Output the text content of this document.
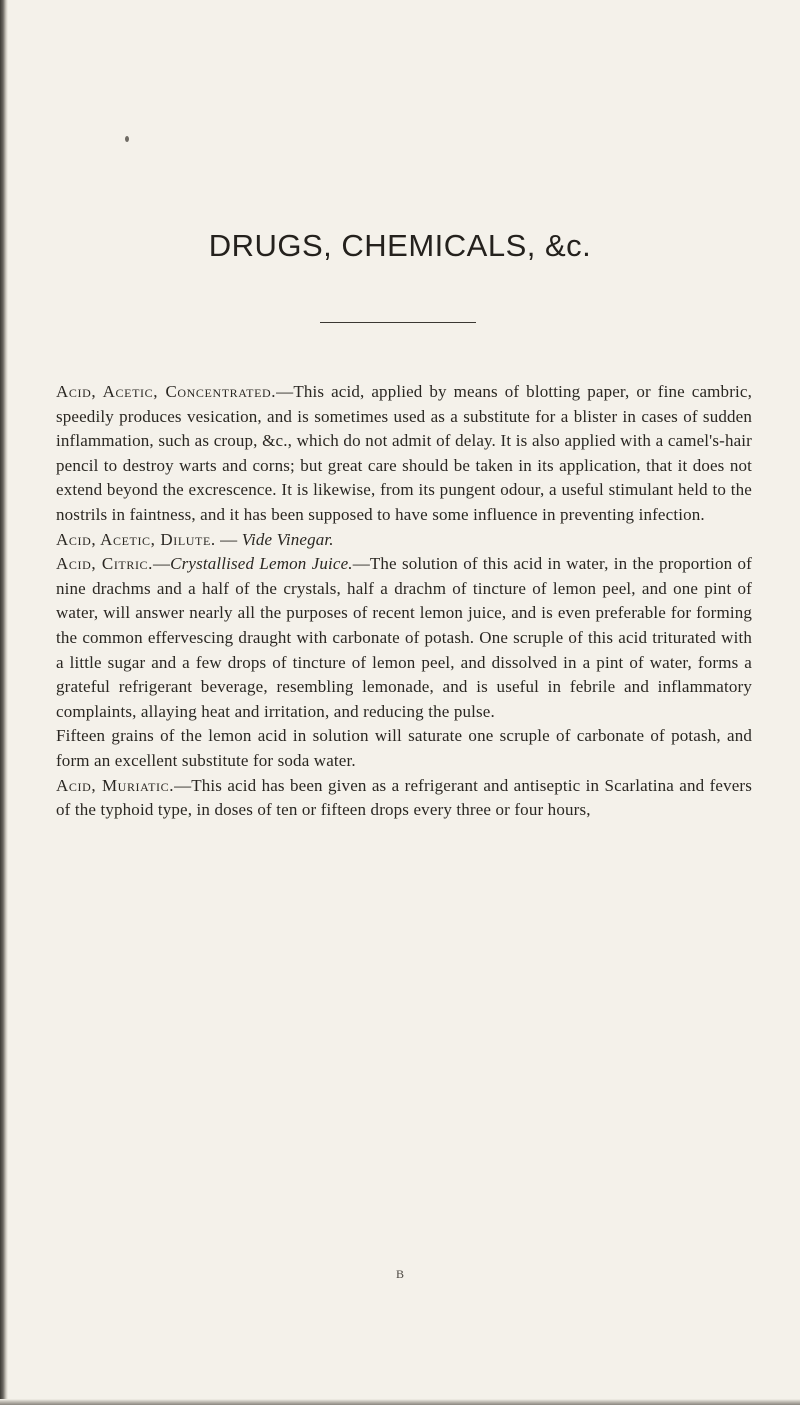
DRUGS, CHEMICALS, &c.

Acid, Acetic, Concentrated.—This acid, applied by means of blotting paper, or fine cambric, speedily produces vesication, and is sometimes used as a substitute for a blister in cases of sudden inflammation, such as croup, &c., which do not admit of delay. It is also applied with a camel's-hair pencil to destroy warts and corns; but great care should be taken in its application, that it does not extend beyond the excrescence. It is likewise, from its pungent odour, a useful stimulant held to the nostrils in faintness, and it has been supposed to have some influence in preventing infection.

Acid, Acetic, Dilute. — Vide Vinegar.

Acid, Citric.—Crystallised Lemon Juice.—The solution of this acid in water, in the proportion of nine drachms and a half of the crystals, half a drachm of tincture of lemon peel, and one pint of water, will answer nearly all the purposes of recent lemon juice, and is even preferable for forming the common effervescing draught with carbonate of potash. One scruple of this acid triturated with a little sugar and a few drops of tincture of lemon peel, and dissolved in a pint of water, forms a grateful refrigerant beverage, resembling lemonade, and is useful in febrile and inflammatory complaints, allaying heat and irritation, and reducing the pulse.

Fifteen grains of the lemon acid in solution will saturate one scruple of carbonate of potash, and form an excellent substitute for soda water.

Acid, Muriatic.—This acid has been given as a refrigerant and antiseptic in Scarlatina and fevers of the typhoid type, in doses of ten or fifteen drops every three or four hours,

B
